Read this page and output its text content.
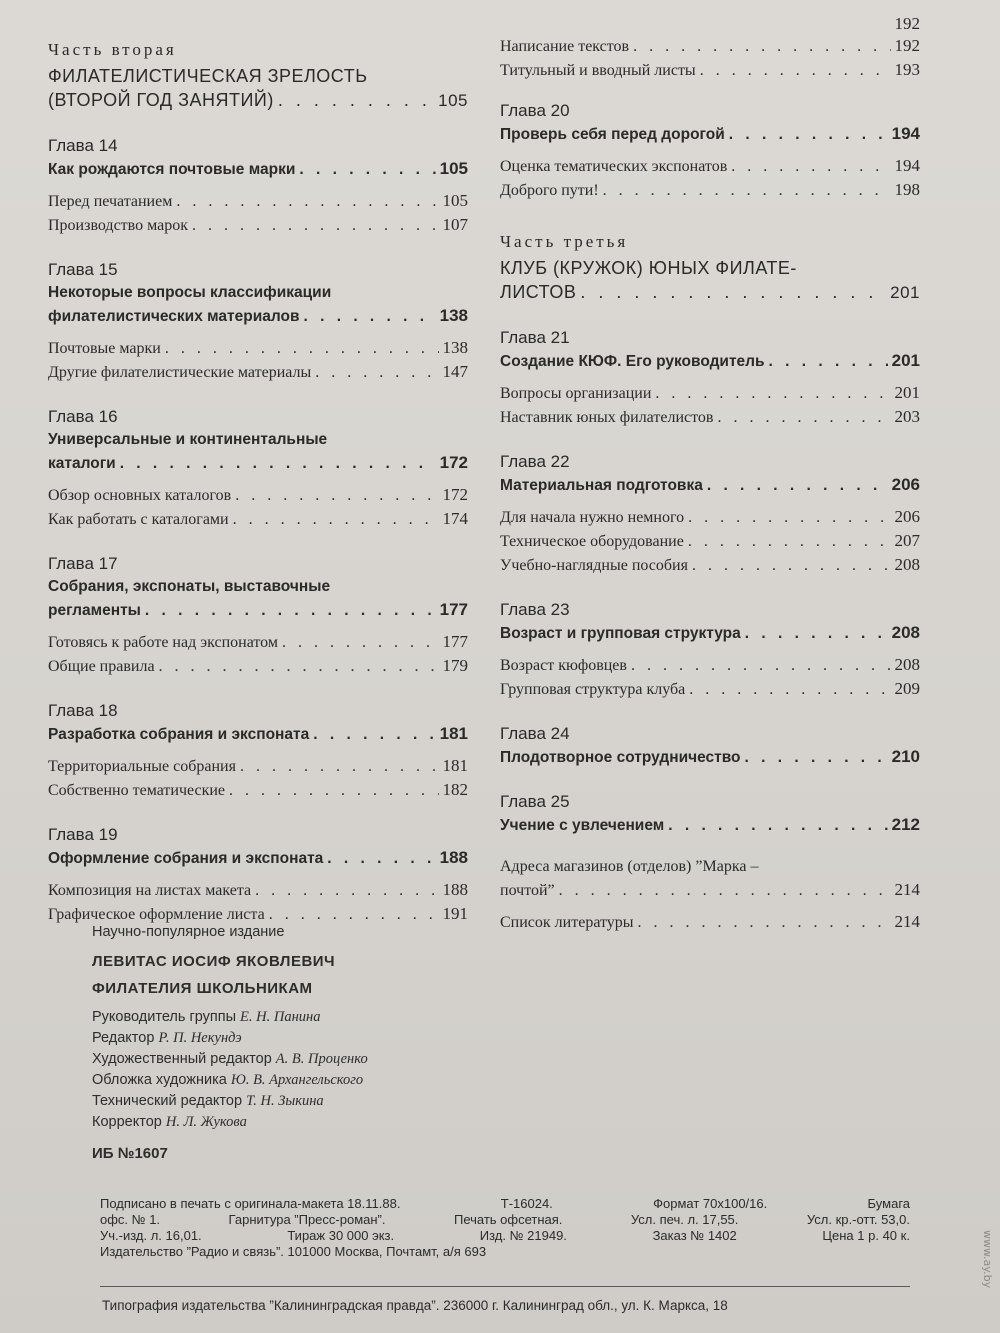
Часть вторая
ФИЛАТЕЛИСТИЧЕСКАЯ ЗРЕЛОСТЬ
(ВТОРОЙ ГОД ЗАНЯТИЙ) . . .	105
Глава 14
Как рождаются почтовые марки . . .	105
Перед печатанием . . .	105
Производство марок . . .	107
Глава 15
Некоторые вопросы классификации
филателистических материалов . . .	138
Почтовые марки . . .	138
Другие филателистические материалы . . .	147
Глава 16
Универсальные и континентальные
каталоги . . .	172
Обзор основных каталогов . . .	172
Как работать с каталогами . . .	174
Глава 17
Собрания, экспонаты, выставочные
регламенты . . .	177
Готовясь к работе над экспонатом . . .	177
Общие правила . . .	179
Глава 18
Разработка собрания и экспоната . . .	181
Территориальные собрания . . .	181
Собственно тематические . . .	182
Глава 19
Оформление собрания и экспоната . . .	188
Композиция на листах макета . . .	188
Графическое оформление листа . . .	191
192
Написание текстов . . .	192
Титульный и вводный листы . . .	193
Глава 20
Проверь себя перед дорогой . . .	194
Оценка тематических экспонатов . . .	194
Доброго пути! . . .	198
Часть третья
КЛУБ (КРУЖОК) ЮНЫХ ФИЛАТЕ-
ЛИСТОВ . . .	201
Глава 21
Создание КЮФ. Его руководитель . . .	201
Вопросы организации . . .	201
Наставник юных филателистов . . .	203
Глава 22
Материальная подготовка . . .	206
Для начала нужно немного . . .	206
Техническое оборудование . . .	207
Учебно-наглядные пособия . . .	208
Глава 23
Возраст и групповая структура . . .	208
Возраст кюфовцев . . .	208
Групповая структура клуба . . .	209
Глава 24
Плодотворное сотрудничество . . .	210
Глава 25
Учение с увлечением . . .	212
Адреса магазинов (отделов) ”Марка –
почтой” . . .	214
Список литературы . . .	214
Научно-популярное издание
ЛЕВИТАС ИОСИФ ЯКОВЛЕВИЧ
ФИЛАТЕЛИЯ ШКОЛЬНИКАМ
Руководитель группы Е. Н. Панина
Редактор Р. П. Некундэ
Художественный редактор А. В. Проценко
Обложка художника Ю. В. Архангельского
Технический редактор Т. Н. Зыкина
Корректор Н. Л. Жукова
ИБ №1607
Подписано в печать с оригинала-макета 18.11.88.	Т-16024.	Формат 70x100/16.	Бумага
офс. № 1.	Гарнитура ”Пресс-роман”.	Печать офсетная.	Усл. печ. л. 17,55.	Усл. кр.-отт. 53,0.
Уч.-изд. л. 16,01.	Тираж 30 000 экз.	Изд. № 21949.	Заказ № 1402	Цена 1 р. 40 к.
Издательство ”Радио и связь”. 101000 Москва, Почтамт, а/я 693
Типография издательства ”Калининградская правда”. 236000 г. Калининград обл., ул. К. Маркса, 18
www.ay.by
